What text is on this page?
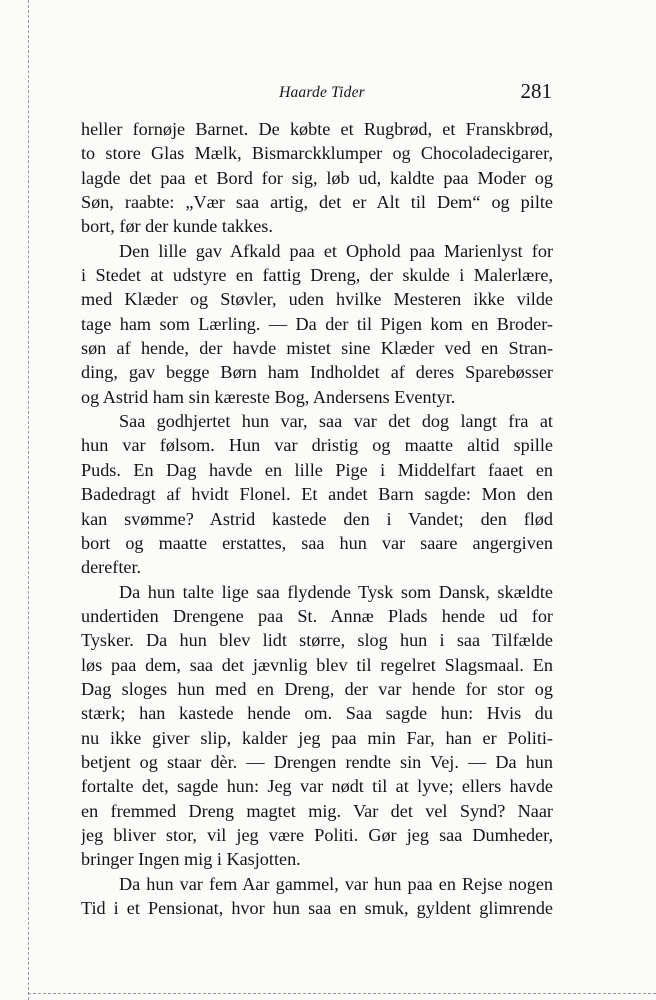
Haarde Tider	281
heller fornøje Barnet. De købte et Rugbrød, et Franskbrød,
to store Glas Mælk, Bismarckklumper og Chocoladecigarer,
lagde det paa et Bord for sig, løb ud, kaldte paa Moder og
Søn, raabte: „Vær saa artig, det er Alt til Dem“ og pilte
bort, før der kunde takkes.
Den lille gav Afkald paa et Ophold paa Marienlyst for
i Stedet at udstyre en fattig Dreng, der skulde i Malerlære,
med Klæder og Støvler, uden hvilke Mesteren ikke vilde
tage ham som Lærling. — Da der til Pigen kom en Broder-
søn af hende, der havde mistet sine Klæder ved en Stran-
ding, gav begge Børn ham Indholdet af deres Sparebøsser
og Astrid ham sin kæreste Bog, Andersens Eventyr.
Saa godhjertet hun var, saa var det dog langt fra at
hun var følsom. Hun var dristig og maatte altid spille
Puds. En Dag havde en lille Pige i Middelfart faaet en
Badedragt af hvidt Flonel. Et andet Barn sagde: Mon den
kan svømme? Astrid kastede den i Vandet; den flød
bort og maatte erstattes, saa hun var saare angergiven
derefter.
Da hun talte lige saa flydende Tysk som Dansk, skældte
undertiden Drengene paa St. Annæ Plads hende ud for
Tysker. Da hun blev lidt større, slog hun i saa Tilfælde
løs paa dem, saa det jævnlig blev til regelret Slagsmaal. En
Dag sloges hun med en Dreng, der var hende for stor og
stærk; han kastede hende om. Saa sagde hun: Hvis du
nu ikke giver slip, kalder jeg paa min Far, han er Politi-
betjent og staar dèr. — Drengen rendte sin Vej. — Da hun
fortalte det, sagde hun: Jeg var nødt til at lyve; ellers havde
en fremmed Dreng magtet mig. Var det vel Synd? Naar
jeg bliver stor, vil jeg være Politi. Gør jeg saa Dumheder,
bringer Ingen mig i Kasjotten.
Da hun var fem Aar gammel, var hun paa en Rejse nogen
Tid i et Pensionat, hvor hun saa en smuk, gyldent glimrende
